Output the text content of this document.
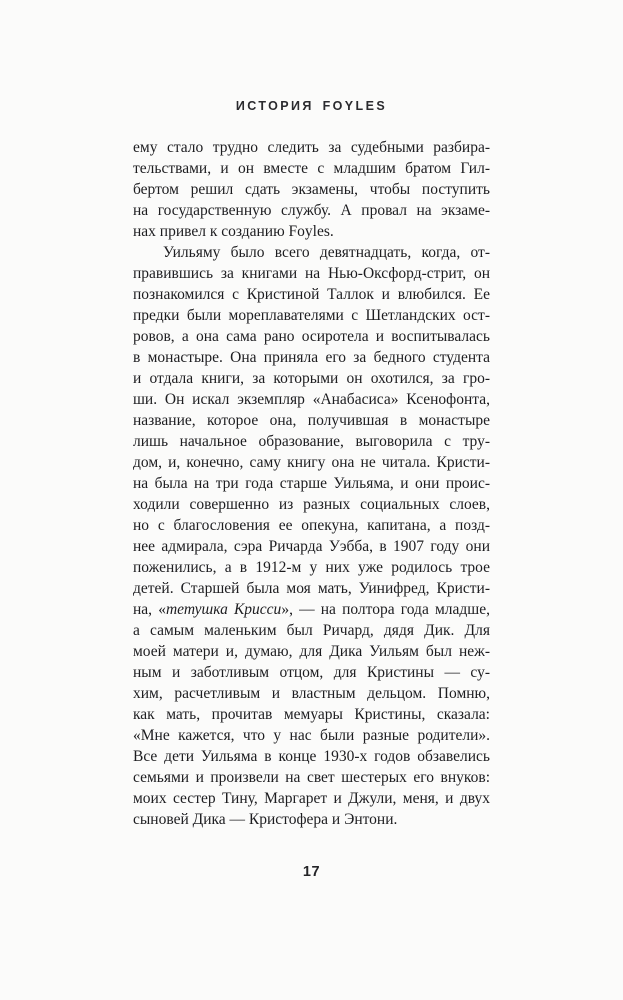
ИСТОРИЯ FOYLES
ему стало трудно следить за судебными разбира-
тельствами, и он вместе с младшим братом Гил-
бертом решил сдать экзамены, чтобы поступить
на государственную службу. А провал на экзаме-
нах привел к созданию Foyles.
Уильяму было всего девятнадцать, когда, от-
правившись за книгами на Нью-Оксфорд-стрит, он
познакомился с Кристиной Таллок и влюбился. Ее
предки были мореплавателями с Шетландских ост-
ровов, а она сама рано осиротела и воспитывалась
в монастыре. Она приняла его за бедного студента
и отдала книги, за которыми он охотился, за гро-
ши. Он искал экземпляр «Анабасиса» Ксенофонта,
название, которое она, получившая в монастыре
лишь начальное образование, выговорила с тру-
дом, и, конечно, саму книгу она не читала. Кристи-
на была на три года старше Уильяма, и они проис-
ходили совершенно из разных социальных слоев,
но с благословения ее опекуна, капитана, а позд-
нее адмирала, сэра Ричарда Уэбба, в 1907 году они
поженились, а в 1912-м у них уже родилось трое
детей. Старшей была моя мать, Уинифред, Кристи-
на, «тетушка Крисси», — на полтора года младше,
а самым маленьким был Ричард, дядя Дик. Для
моей матери и, думаю, для Дика Уильям был неж-
ным и заботливым отцом, для Кристины — су-
хим, расчетливым и властным дельцом. Помню,
как мать, прочитав мемуары Кристины, сказала:
«Мне кажется, что у нас были разные родители».
Все дети Уильяма в конце 1930-х годов обзавелись
семьями и произвели на свет шестерых его внуков:
моих сестер Тину, Маргарет и Джули, меня, и двух
сыновей Дика — Кристофера и Энтони.
17
